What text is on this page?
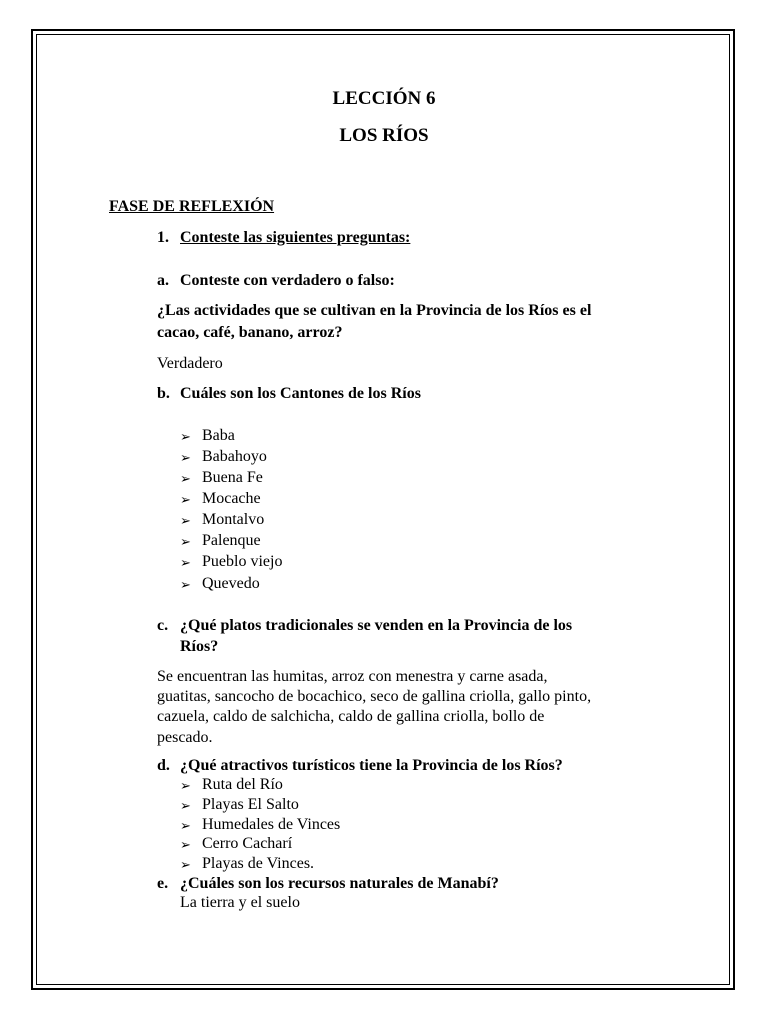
LECCIÓN 6
LOS RÍOS
FASE DE REFLEXIÓN
1. Conteste las siguientes preguntas:
a. Conteste con verdadero o falso:
¿Las actividades que se cultivan en la Provincia de los Ríos es el
cacao, café, banano, arroz?
Verdadero
b. Cuáles son los Cantones de los Ríos
➢ Baba
➢ Babahoyo
➢ Buena Fe
➢ Mocache
➢ Montalvo
➢ Palenque
➢ Pueblo viejo
➢ Quevedo
c. ¿Qué platos tradicionales se venden en la Provincia de los
Ríos?
Se encuentran las humitas, arroz con menestra y carne asada,
guatitas, sancocho de bocachico, seco de gallina criolla, gallo pinto,
cazuela, caldo de salchicha, caldo de gallina criolla, bollo de
pescado.
d. ¿Qué atractivos turísticos tiene la Provincia de los Ríos?
➢ Ruta del Río
➢ Playas El Salto
➢ Humedales de Vinces
➢ Cerro Cacharí
➢ Playas de Vinces.
e. ¿Cuáles son los recursos naturales de Manabí?
La tierra y el suelo
